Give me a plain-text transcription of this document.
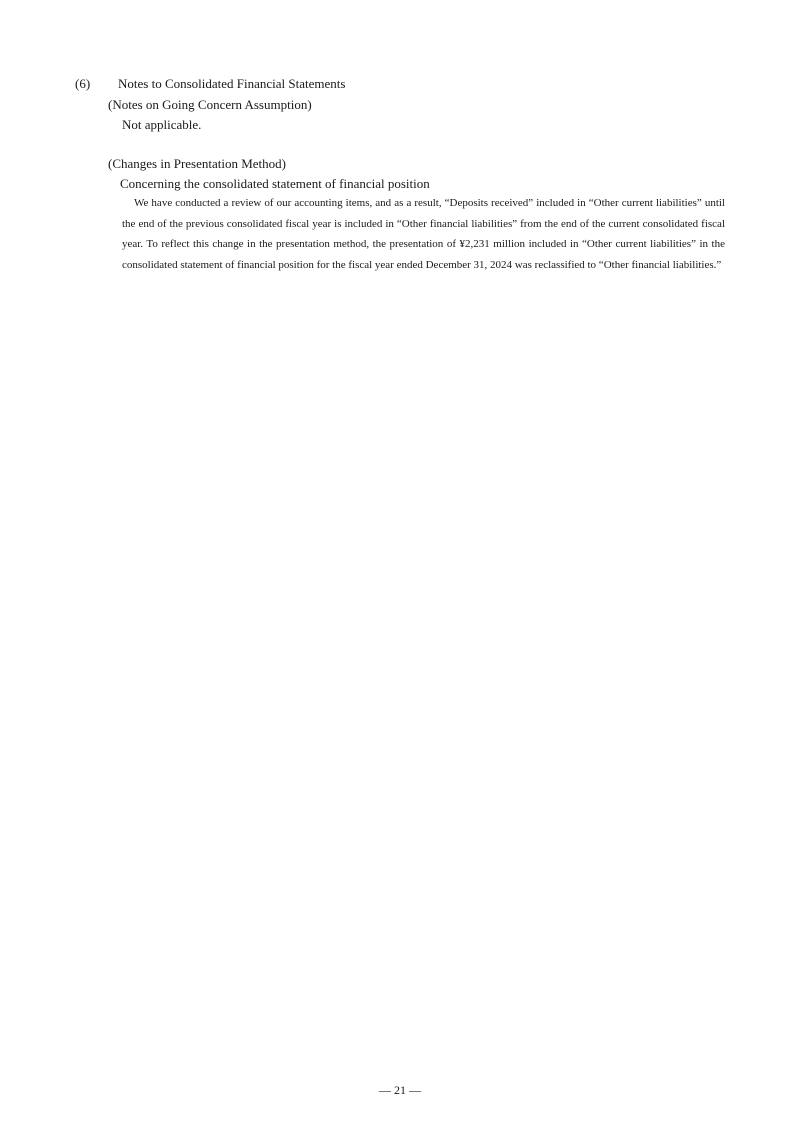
(6) Notes to Consolidated Financial Statements
(Notes on Going Concern Assumption)
Not applicable.
(Changes in Presentation Method)
Concerning the consolidated statement of financial position

We have conducted a review of our accounting items, and as a result, “Deposits received” included in “Other current liabilities” until the end of the previous consolidated fiscal year is included in “Other financial liabilities” from the end of the current consolidated fiscal year. To reflect this change in the presentation method, the presentation of ¥2,231 million included in “Other current liabilities” in the consolidated statement of financial position for the fiscal year ended December 31, 2024 was reclassified to “Other financial liabilities.”

— 21 —
